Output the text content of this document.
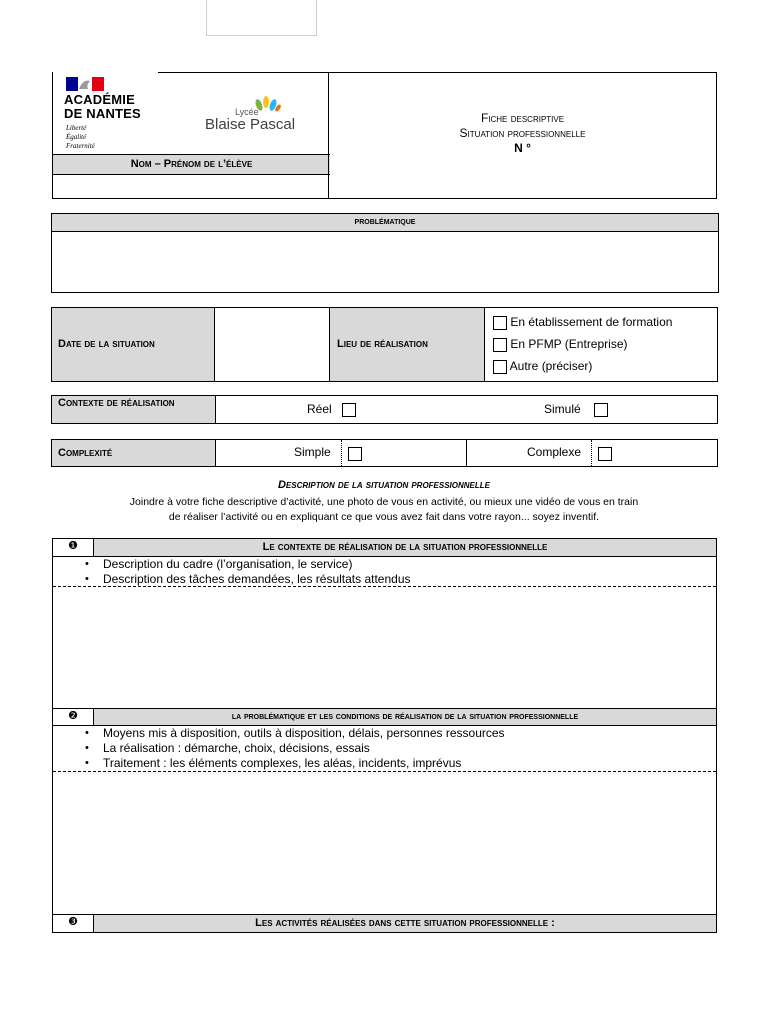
ACADÉMIE
DE NANTES
Liberté
Égalité
Fraternité
Lycée
Blaise Pascal
Nom – Prénom de l’élève
Fiche descriptive
Situation professionnelle
N °
problématique
Date de la situation	Lieu de réalisation
En établissement de formation
En PFMP (Entreprise)
Autre (préciser)
Contexte de réalisation	Réel	Simulé
Complexité	Simple	Complexe
Description de la situation professionnelle
Joindre à votre fiche descriptive d’activité, une photo de vous en activité, ou mieux une vidéo de vous en train
de réaliser l’activité ou en expliquant ce que vous avez fait dans votre rayon... soyez inventif.
❶	Le contexte de réalisation de la situation professionnelle
• Description du cadre (l’organisation, le service)
• Description des tâches demandées, les résultats attendus
❷	la problématique et les conditions de réalisation de la situation professionnelle
• Moyens mis à disposition, outils à disposition, délais, personnes ressources
• La réalisation : démarche, choix, décisions, essais
• Traitement : les éléments complexes, les aléas, incidents, imprévus
❸	Les activités réalisées dans cette situation professionnelle :
